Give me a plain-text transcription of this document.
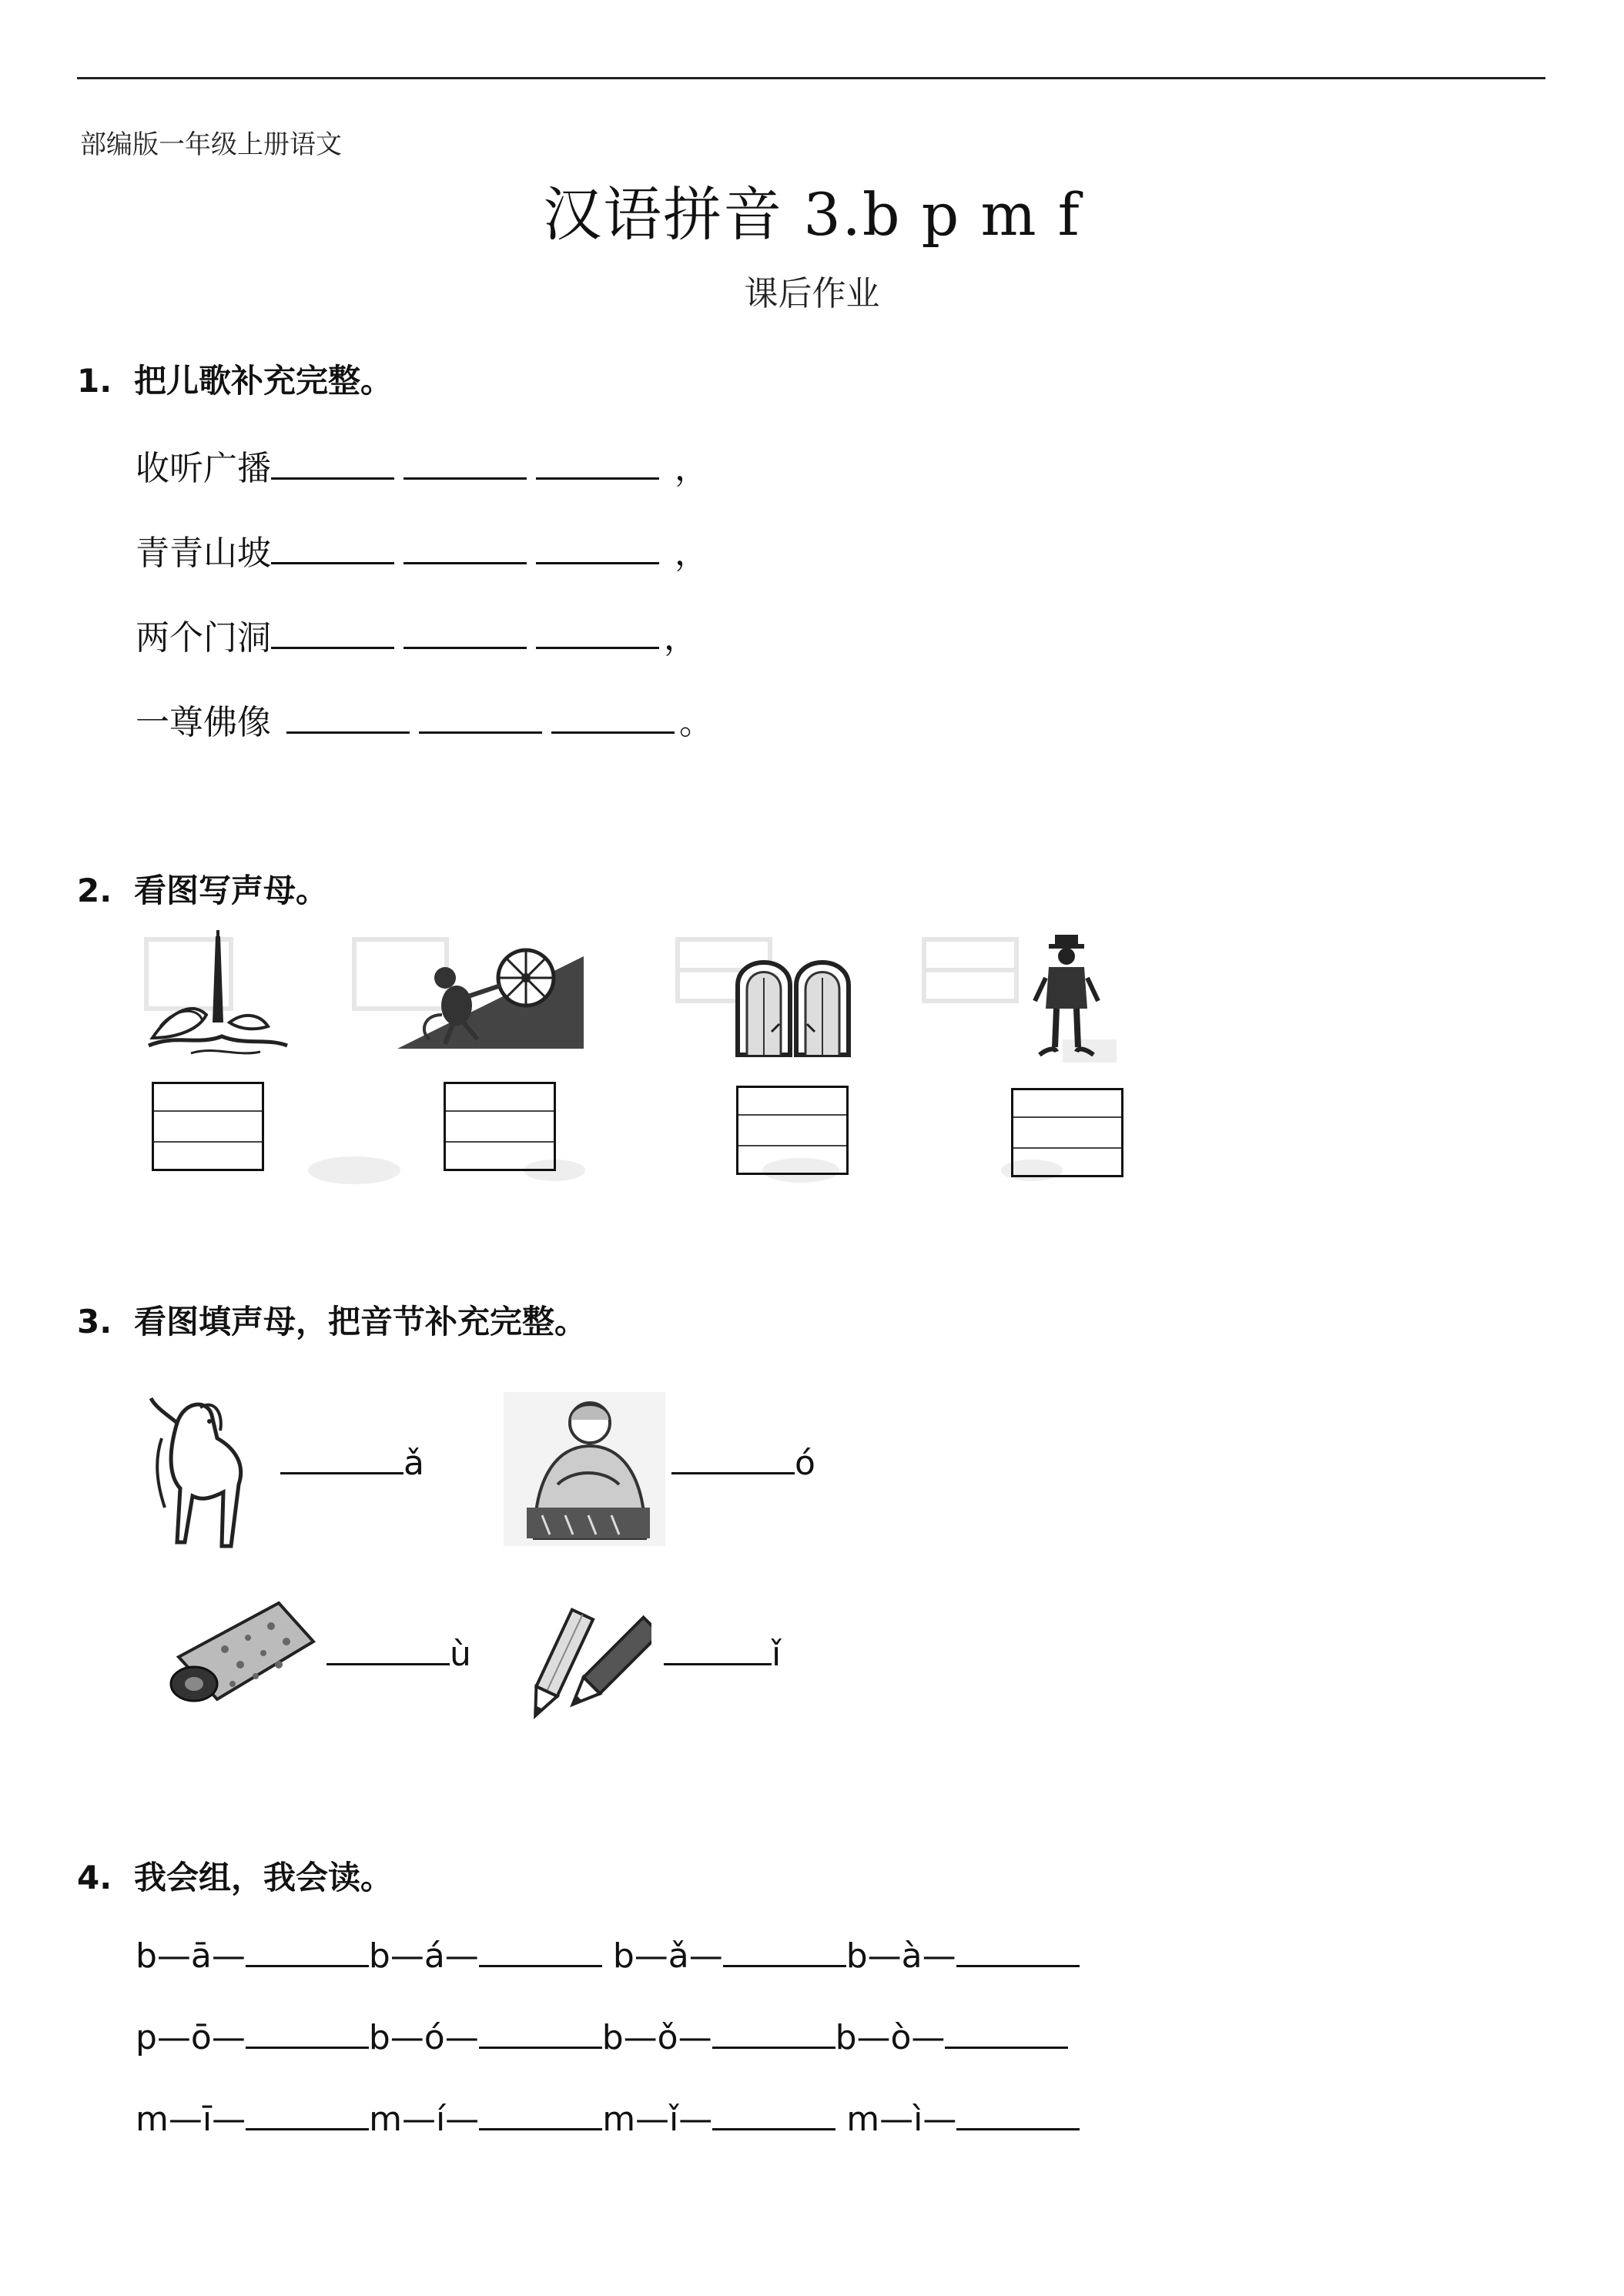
部编版一年级上册语文
汉语拼音 3.b p m f
课后作业
1. 把儿歌补充完整。
收听广播	，
青青山坡	，
两个门洞	，
一尊佛像	。
2. 看图写声母。
3. 看图填声母，把音节补充完整。
ǎ	ó
ù	ǐ
4. 我会组，我会读。
b—ā—	b—á—	b—ǎ—	b—à—
p—ō—	b—ó—	b—ǒ—	b—ò—
m—ī—	m—í—	m—ǐ—	m—ì—
